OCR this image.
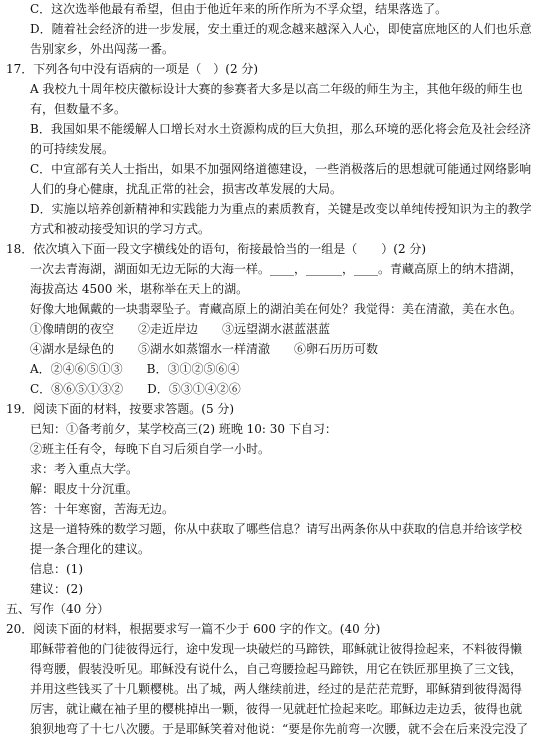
C．这次选举他最有希望，但由于他近年来的所作所为不孚众望，结果落选了。
D．随着社会经济的进一步发展，安土重迁的观念越来越深入人心，即使富庶地区的人们也乐意
告别家乡，外出闯荡一番。
17．下列各句中没有语病的一项是（　）(2 分)
A 我校九十周年校庆徽标设计大赛的参赛者大多是以高二年级的师生为主，其他年级的师生也
有，但数量不多。
B．我国如果不能缓解人口增长对水土资源构成的巨大负担，那么环境的恶化将会危及社会经济
的可持续发展。
C．中宣部有关人士指出，如果不加强网络道德建设，一些消极落后的思想就可能通过网络影响
人们的身心健康，扰乱正常的社会，损害改革发展的大局。
D．实施以培养创新精神和实践能力为重点的素质教育，关键是改变以单纯传授知识为主的教学
方式和被动接受知识的学习方式。
18．依次填入下面一段文字横线处的语句，衔接最恰当的一组是（　　）(2 分)
一次去青海湖，湖面如无边无际的大海一样。____，______，____。青藏高原上的纳木措湖，
海拔高达 4500 米，堪称举在天上的湖。
好像大地佩戴的一块翡翠坠子。青藏高原上的湖泊美在何处？我觉得：美在清澈，美在水色。
①像晴朗的夜空　　②走近岸边　　③远望湖水湛蓝湛蓝
④湖水是绿色的　　⑤湖水如蒸馏水一样清澈　　⑥卵石历历可数
A．②④⑥⑤①③　　B．③①②⑤⑥④
C．⑧⑥⑤①③②　　D．⑤③①④②⑥
19．阅读下面的材料，按要求答题。(5 分)
已知：①备考前夕，某学校高三(2) 班晚 10: 30 下自习：
②班主任有令，每晚下自习后须自学一小时。
求：考入重点大学。
解：眼皮十分沉重。
答：十年寒窗，苦海无边。
这是一道特殊的数学习题，你从中获取了哪些信息？请写出两条你从中获取的信息并给该学校
提一条合理化的建议。
信息：(1)
建议：(2)
五、写作（40 分）
20．阅读下面的材料，根据要求写一篇不少于 600 字的作文。(40 分)
耶稣带着他的门徒彼得远行，途中发现一块破烂的马蹄铁，耶稣就让彼得捡起来，不料彼得懒
得弯腰，假装没听见。耶稣没有说什么，自己弯腰捡起马蹄铁，用它在铁匠那里换了三文钱，
并用这些钱买了十几颗樱桃。出了城，两人继续前进，经过的是茫茫荒野，耶稣猜到彼得渴得
厉害，就让藏在袖子里的樱桃掉出一颗，彼得一见就赶忙捡起来吃。耶稣边走边丢，彼得也就
狼狈地弯了十七八次腰。于是耶稣笑着对他说：“要是你先前弯一次腰，就不会在后来没完没了
